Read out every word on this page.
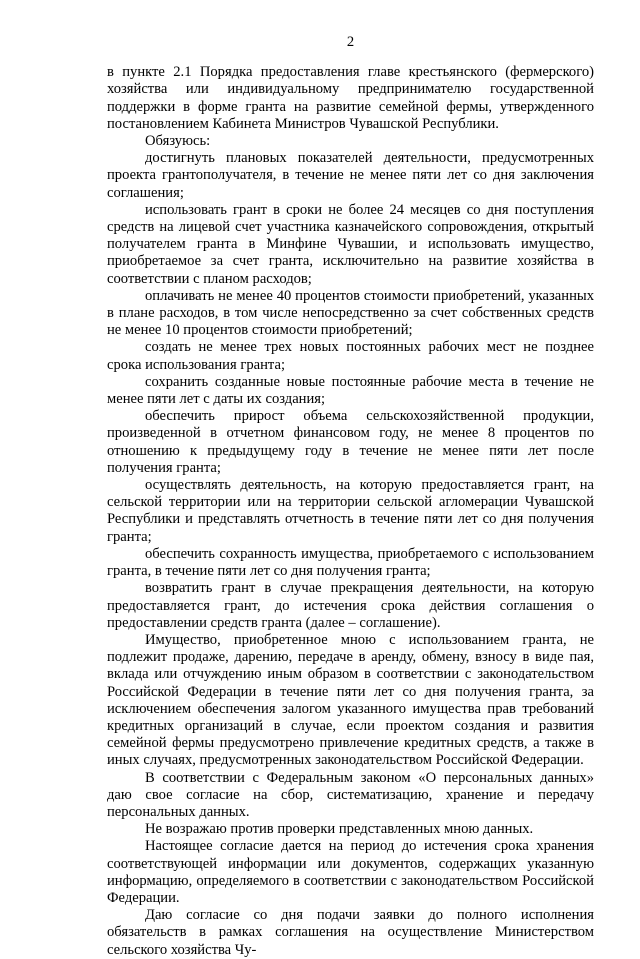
2

в пункте 2.1 Порядка предоставления главе крестьянского (фермерского) хозяйства или индивидуальному предпринимателю государственной поддержки в форме гранта на развитие семейной фермы, утвержденного постановлением Кабинета Министров Чувашской Республики.

Обязуюсь:

достигнуть плановых показателей деятельности, предусмотренных проекта грантополучателя, в течение не менее пяти лет со дня заключения соглашения;

использовать грант в сроки не более 24 месяцев со дня поступления средств на лицевой счет участника казначейского сопровождения, открытый получателем гранта в Минфине Чувашии, и использовать имущество, приобретаемое за счет гранта, исключительно на развитие хозяйства в соответствии с планом расходов;

оплачивать не менее 40 процентов стоимости приобретений, указанных в плане расходов, в том числе непосредственно за счет собственных средств не менее 10 процентов стоимости приобретений;

создать не менее трех новых постоянных рабочих мест не позднее срока использования гранта;

сохранить созданные новые постоянные рабочие места в течение не менее пяти лет с даты их создания;

обеспечить прирост объема сельскохозяйственной продукции, произведенной в отчетном финансовом году, не менее 8 процентов по отношению к предыдущему году в течение не менее пяти лет после получения гранта;

осуществлять деятельность, на которую предоставляется грант, на сельской территории или на территории сельской агломерации Чувашской Республики и представлять отчетность в течение пяти лет со дня получения гранта;

обеспечить сохранность имущества, приобретаемого с использованием гранта, в течение пяти лет со дня получения гранта;

возвратить грант в случае прекращения деятельности, на которую предоставляется грант, до истечения срока действия соглашения о предоставлении средств гранта (далее – соглашение).

Имущество, приобретенное мною с использованием гранта, не подлежит продаже, дарению, передаче в аренду, обмену, взносу в виде пая, вклада или отчуждению иным образом в соответствии с законодательством Российской Федерации в течение пяти лет со дня получения гранта, за исключением обеспечения залогом указанного имущества прав требований кредитных организаций в случае, если проектом создания и развития семейной фермы предусмотрено привлечение кредитных средств, а также в иных случаях, предусмотренных законодательством Российской Федерации.

В соответствии с Федеральным законом «О персональных данных» даю свое согласие на сбор, систематизацию, хранение и передачу персональных данных.

Не возражаю против проверки представленных мною данных.

Настоящее согласие дается на период до истечения срока хранения соответствующей информации или документов, содержащих указанную информацию, определяемого в соответствии с законодательством Российской Федерации.

Даю согласие со дня подачи заявки до полного исполнения обязательств в рамках соглашения на осуществление Министерством сельского хозяйства Чу-
